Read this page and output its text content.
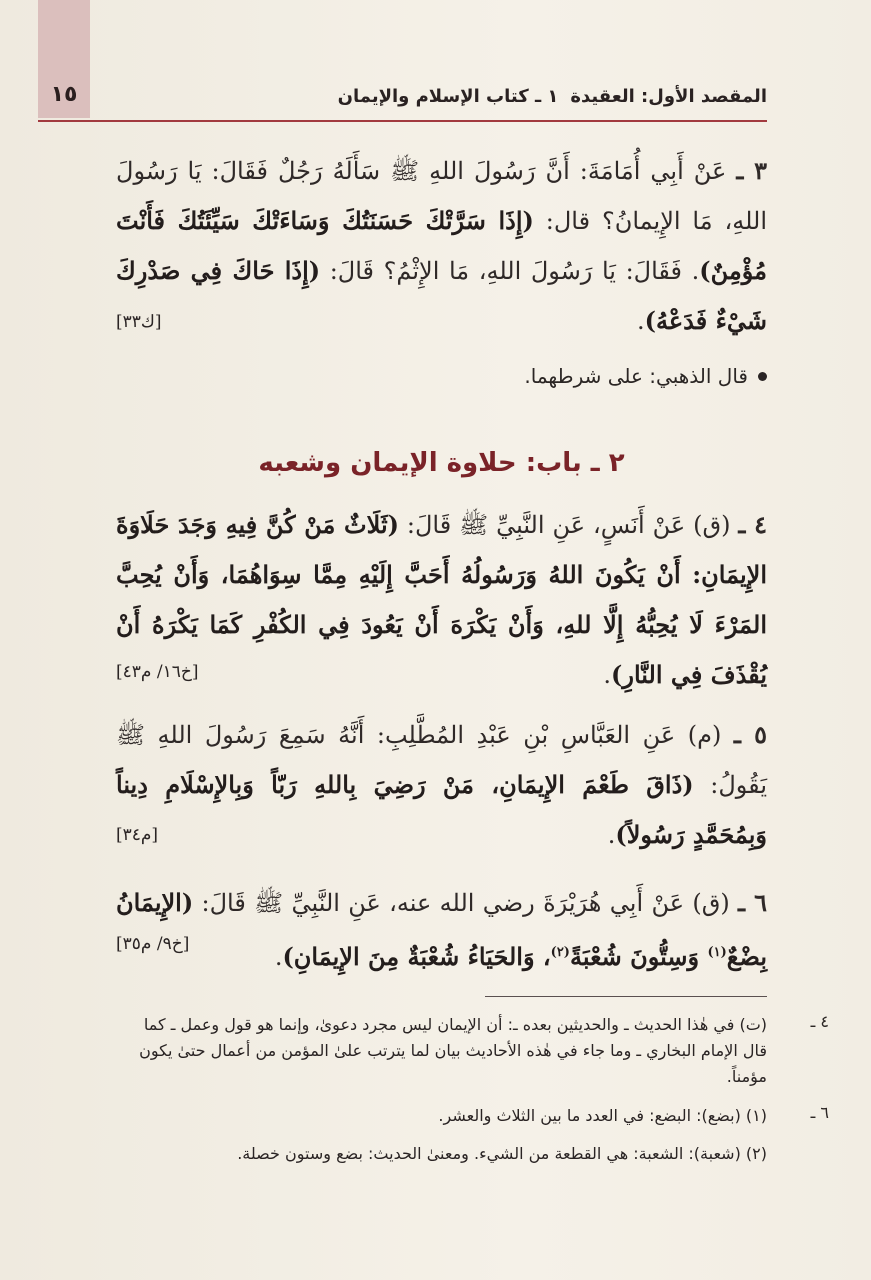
١٥	المقصد الأول: العقيدة
١ ـ كتاب الإسلام والإيمان
٣ ـ عَنْ أَبِي أُمَامَةَ: أَنَّ رَسُولَ اللهِ ﷺ سَأَلَهُ رَجُلٌ فَقَالَ: يَا رَسُولَ اللهِ، مَا الإِيمانُ؟ قال: (إِذَا سَرَّتْكَ حَسَنَتُكَ وَسَاءَتْكَ سَيِّئَتُكَ فَأَنْتَ مُؤْمِنٌ). فَقَالَ: يَا رَسُولَ اللهِ، مَا الإِثْمُ؟ قَالَ: (إِذَا حَاكَ فِي صَدْرِكَ شَيْءٌ فَدَعْهُ).
[ك٣٣]
قال الذهبي: على شرطهما.
٢ ـ باب: حلاوة الإيمان وشعبه
٤ ـ (ق) عَنْ أَنَسٍ، عَنِ النَّبِيِّ ﷺ قَالَ: (ثَلَاثٌ مَنْ كُنَّ فِيهِ وَجَدَ حَلَاوَةَ الإِيمَانِ: أَنْ يَكُونَ اللهُ وَرَسُولُهُ أَحَبَّ إِلَيْهِ مِمَّا سِوَاهُمَا، وَأَنْ يُحِبَّ المَرْءَ لَا يُحِبُّهُ إِلَّا للهِ، وَأَنْ يَكْرَهَ أَنْ يَعُودَ فِي الكُفْرِ كَمَا يَكْرَهُ أَنْ يُقْذَفَ فِي النَّارِ).
[خ١٦/ م٤٣]
٥ ـ (م) عَنِ العَبَّاسِ بْنِ عَبْدِ المُطَّلِبِ: أَنَّهُ سَمِعَ رَسُولَ اللهِ ﷺ يَقُولُ: (ذَاقَ طَعْمَ الإِيمَانِ، مَنْ رَضِيَ بِاللهِ رَبّاً وَبِالإِسْلَامِ دِيناً وَبِمُحَمَّدٍ رَسُولاً).
[م٣٤]
٦ ـ (ق) عَنْ أَبِي هُرَيْرَةَ رضي الله عنه، عَنِ النَّبِيِّ ﷺ قَالَ: (الإِيمَانُ بِضْعٌ$^{(١)}$ وَسِتُّونَ شُعْبَةً$^{(٢)}$، وَالحَيَاءُ شُعْبَةٌ مِنَ الإِيمَانِ).
[خ٩/ م٣٥]
٤ ـ
(ت) في هٰذا الحديث ـ والحديثين بعده ـ: أن الإيمان ليس مجرد دعوىٰ، وإنما هو قول وعمل ـ كما قال الإمام البخاري ـ وما جاء في هٰذه الأحاديث بيان لما يترتب علىٰ المؤمن من أعمال حتىٰ يكون مؤمناً.
٦ ـ
(١) (بضع): البضع: في العدد ما بين الثلاث والعشر.
(٢) (شعبة): الشعبة: هي القطعة من الشيء. ومعنىٰ الحديث: بضع وستون خصلة.
